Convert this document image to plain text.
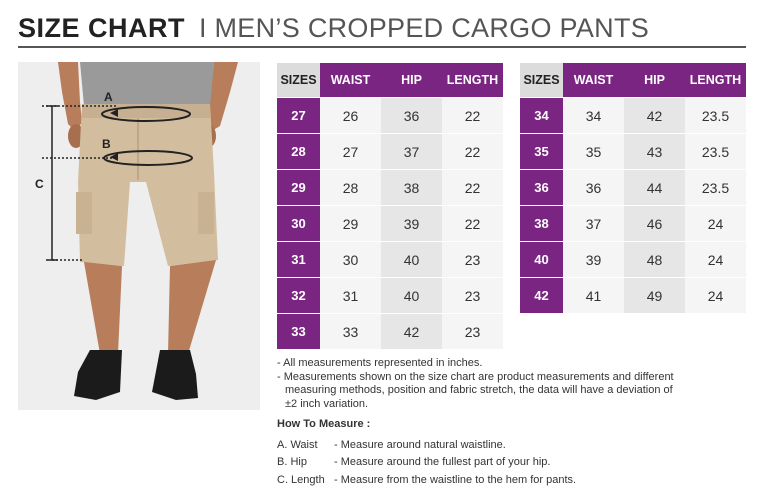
SIZE CHART I MEN’S CROPPED CARGO PANTS
A
B
C
SIZES	WAIST	HIP	LENGTH
27	26	36	22
28	27	37	22
29	28	38	22
30	29	39	22
31	30	40	23
32	31	40	23
33	33	42	23
SIZES	WAIST	HIP	LENGTH
34	34	42	23.5
35	35	43	23.5
36	36	44	23.5
38	37	46	24
40	39	48	24
42	41	49	24

- All measurements represented in inches.

- Measurements shown on the size chart are product measurements and different

measuring methods, position and fabric stretch, the data will have a deviation of

±2 inch variation.

How To Measure :
A. Waist	- Measure around natural waistline.
B. Hip	- Measure around the fullest part of your hip.
C. Length - Measure from the waistline to the hem for pants.
